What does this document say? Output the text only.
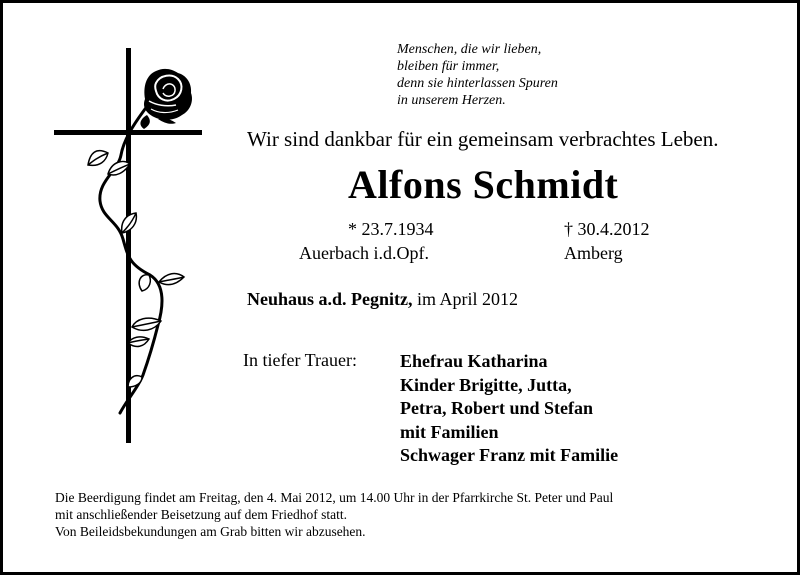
Menschen, die wir lieben,
bleiben für immer,
denn sie hinterlassen Spuren
in unserem Herzen.
Wir sind dankbar für ein gemeinsam verbrachtes Leben.
Alfons Schmidt
* 23.7.1934
Auerbach i.d.Opf.
† 30.4.2012
Amberg
Neuhaus a.d. Pegnitz, im April 2012
In tiefer Trauer: Ehefrau Katharina
Kinder Brigitte, Jutta,
Petra, Robert und Stefan
mit Familien
Schwager Franz mit Familie
Die Beerdigung findet am Freitag, den 4. Mai 2012, um 14.00 Uhr in der Pfarrkirche St. Peter und Paul
mit anschließender Beisetzung auf dem Friedhof statt.
Von Beileidsbekundungen am Grab bitten wir abzusehen.
